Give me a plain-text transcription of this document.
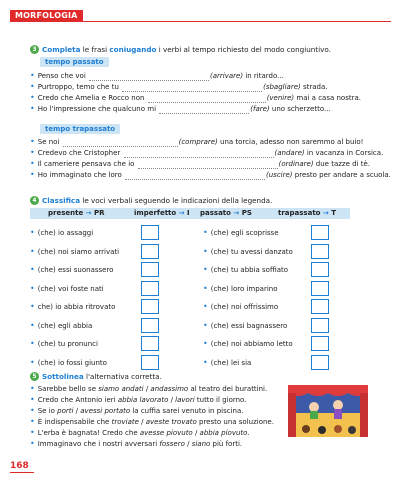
MORFOLOGIA
3 Completa le frasi coniugando i verbi al tempo richiesto del modo congiuntivo.
tempo passato
• Penso che voi	(arrivare) in ritardo...
• Purtroppo, temo che tu	(sbagliare) strada.
• Credo che Amelia e Rocco non	(venire) mai a casa nostra.
• Ho l'impressione che qualcuno mi	(fare) uno scherzetto...
tempo trapassato
• Se noi	(comprare) una torcia, adesso non saremmo al buio!
• Credevo che Cristopher	(andare) in vacanza in Corsica.
• Il cameriere pensava che io	(ordinare) due tazze di tè.
• Ho immaginato che loro	(uscire) presto per andare a scuola.
4 Classifica le voci verbali seguendo le indicazioni della legenda.
presente → PR	imperfetto → I passato → PS	trapassato → T
• (che) io assaggi	• (che) egli scoprisse
• (che) noi siamo arrivati	• (che) tu avessi danzato
• (che) essi suonassero	• (che) tu abbia soffiato
• (che) voi foste nati	• (che) loro imparino
• che) io abbia ritrovato	• (che) noi offrissimo
• (che) egli abbia	• (che) essi bagnassero
• (che) tu pronunci	• (che) noi abbiamo letto
• (che) io fossi giunto	• (che) lei sia
5 Sottolinea l'alternativa corretta.
• Sarebbe bello se siamo andati / andassimo al teatro dei burattini.
• Credo che Antonio ieri abbia lavorato / lavori tutto il giorno.
• Se io porti / avessi portato la cuffia sarei venuto in piscina.
• È indispensabile che troviate / aveste trovato presto una soluzione.
• L'erba è bagnata! Credo che avesse piovuto / abbia piovuto.
• Immaginavo che i nostri avversari fossero / siano più forti.
168
